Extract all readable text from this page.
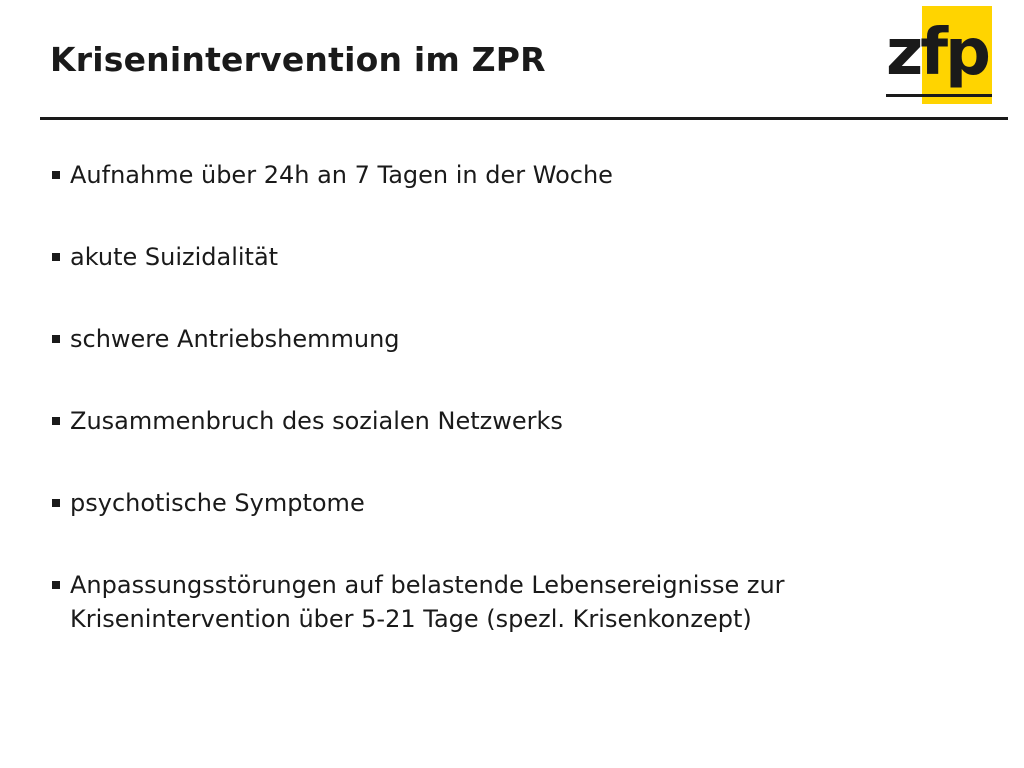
Krisenintervention im ZPR	zfp
Aufnahme über 24h an 7 Tagen in der Woche
akute Suizidalität
schwere Antriebshemmung
Zusammenbruch des sozialen Netzwerks
psychotische Symptome
Anpassungsstörungen auf belastende Lebensereignisse zur Krisenintervention über 5-21 Tage (spezl. Krisenkonzept)
